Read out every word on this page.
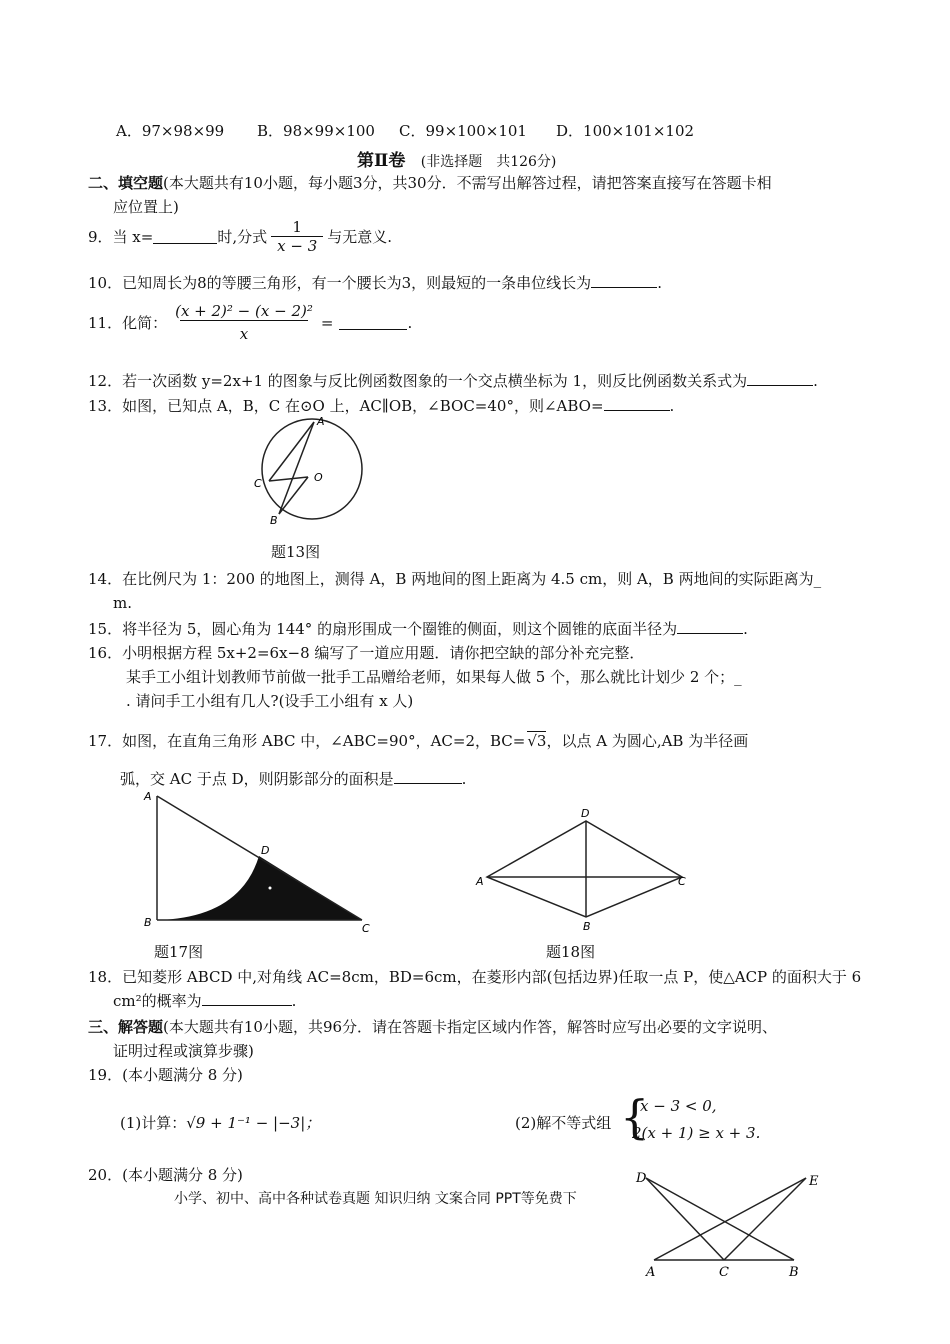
A．97×98×99 B．98×99×100 C．99×100×101 D．100×101×102
第Ⅱ卷 (非选择题　共126分)
二、填空题(本大题共有10小题，每小题3分，共30分．不需写出解答过程，请把答案直接写在答题卡相
应位置上)
9．当 x=	时,分式 $\frac{1}{x - 3}$ 与无意义.
10．已知周长为8的等腰三角形，有一个腰长为3，则最短的一条串位线长为	.
11．化简： $\frac{\text{(x + 2)² − (x − 2)²}}{x}$ =	.
12．若一次函数 y=2x+1 的图象与反比例函数图象的一个交点横坐标为 1，则反比例函数关系式为	.
13．如图，已知点 A，B，C 在⊙O 上，AC∥OB，∠BOC=40°，则∠ABO=	.
A
C	O
B
题13图
14．在比例尺为 1：200 的地图上，测得 A，B 两地间的图上距离为 4.5 cm，则 A，B 两地间的实际距离为_
m.
15．将半径为 5，圆心角为 144° 的扇形围成一个圈锥的侧面，则这个圆锥的底面半径为	.
16．小明根据方程 5x+2=6x−8 编写了一道应用题．请你把空缺的部分补充完整．
某手工小组计划教师节前做一批手工品赠给老师，如果每人做 5 个，那么就比计划少 2 个；_
. 请问手工小组有几人?(设手工小组有 x 人)
17．如图，在直角三角形 ABC 中，∠ABC=90°，AC=2，BC= √3，以点 A 为圆心,AB 为半径画
弧，交 AC 于点 D，则阴影部分的面积是	.
A
B	C
D
题17图
D
A	C
B
题18图
18．已知菱形 ABCD 中,对角线 AC=8cm，BD=6cm，在菱形内部(包括边界)任取一点 P，使△ACP 的面积大于 6
cm²的概率为	.
三、解答题(本大题共有10小题，共96分．请在答题卡指定区域内作答，解答时应写出必要的文字说明、
证明过程或演算步骤)
19．(本小题满分 8 分)
(1)计算：√9 + 1⁻¹ − |−3|；	(2)解不等式组 {
x − 3 < 0,
2(x + 1) ≥ x + 3.
20．(本小题满分 8 分)
小学、初中、高中各种试卷真题 知识归纳 文案合同 PPT等免费下
D	E
A	C	B
